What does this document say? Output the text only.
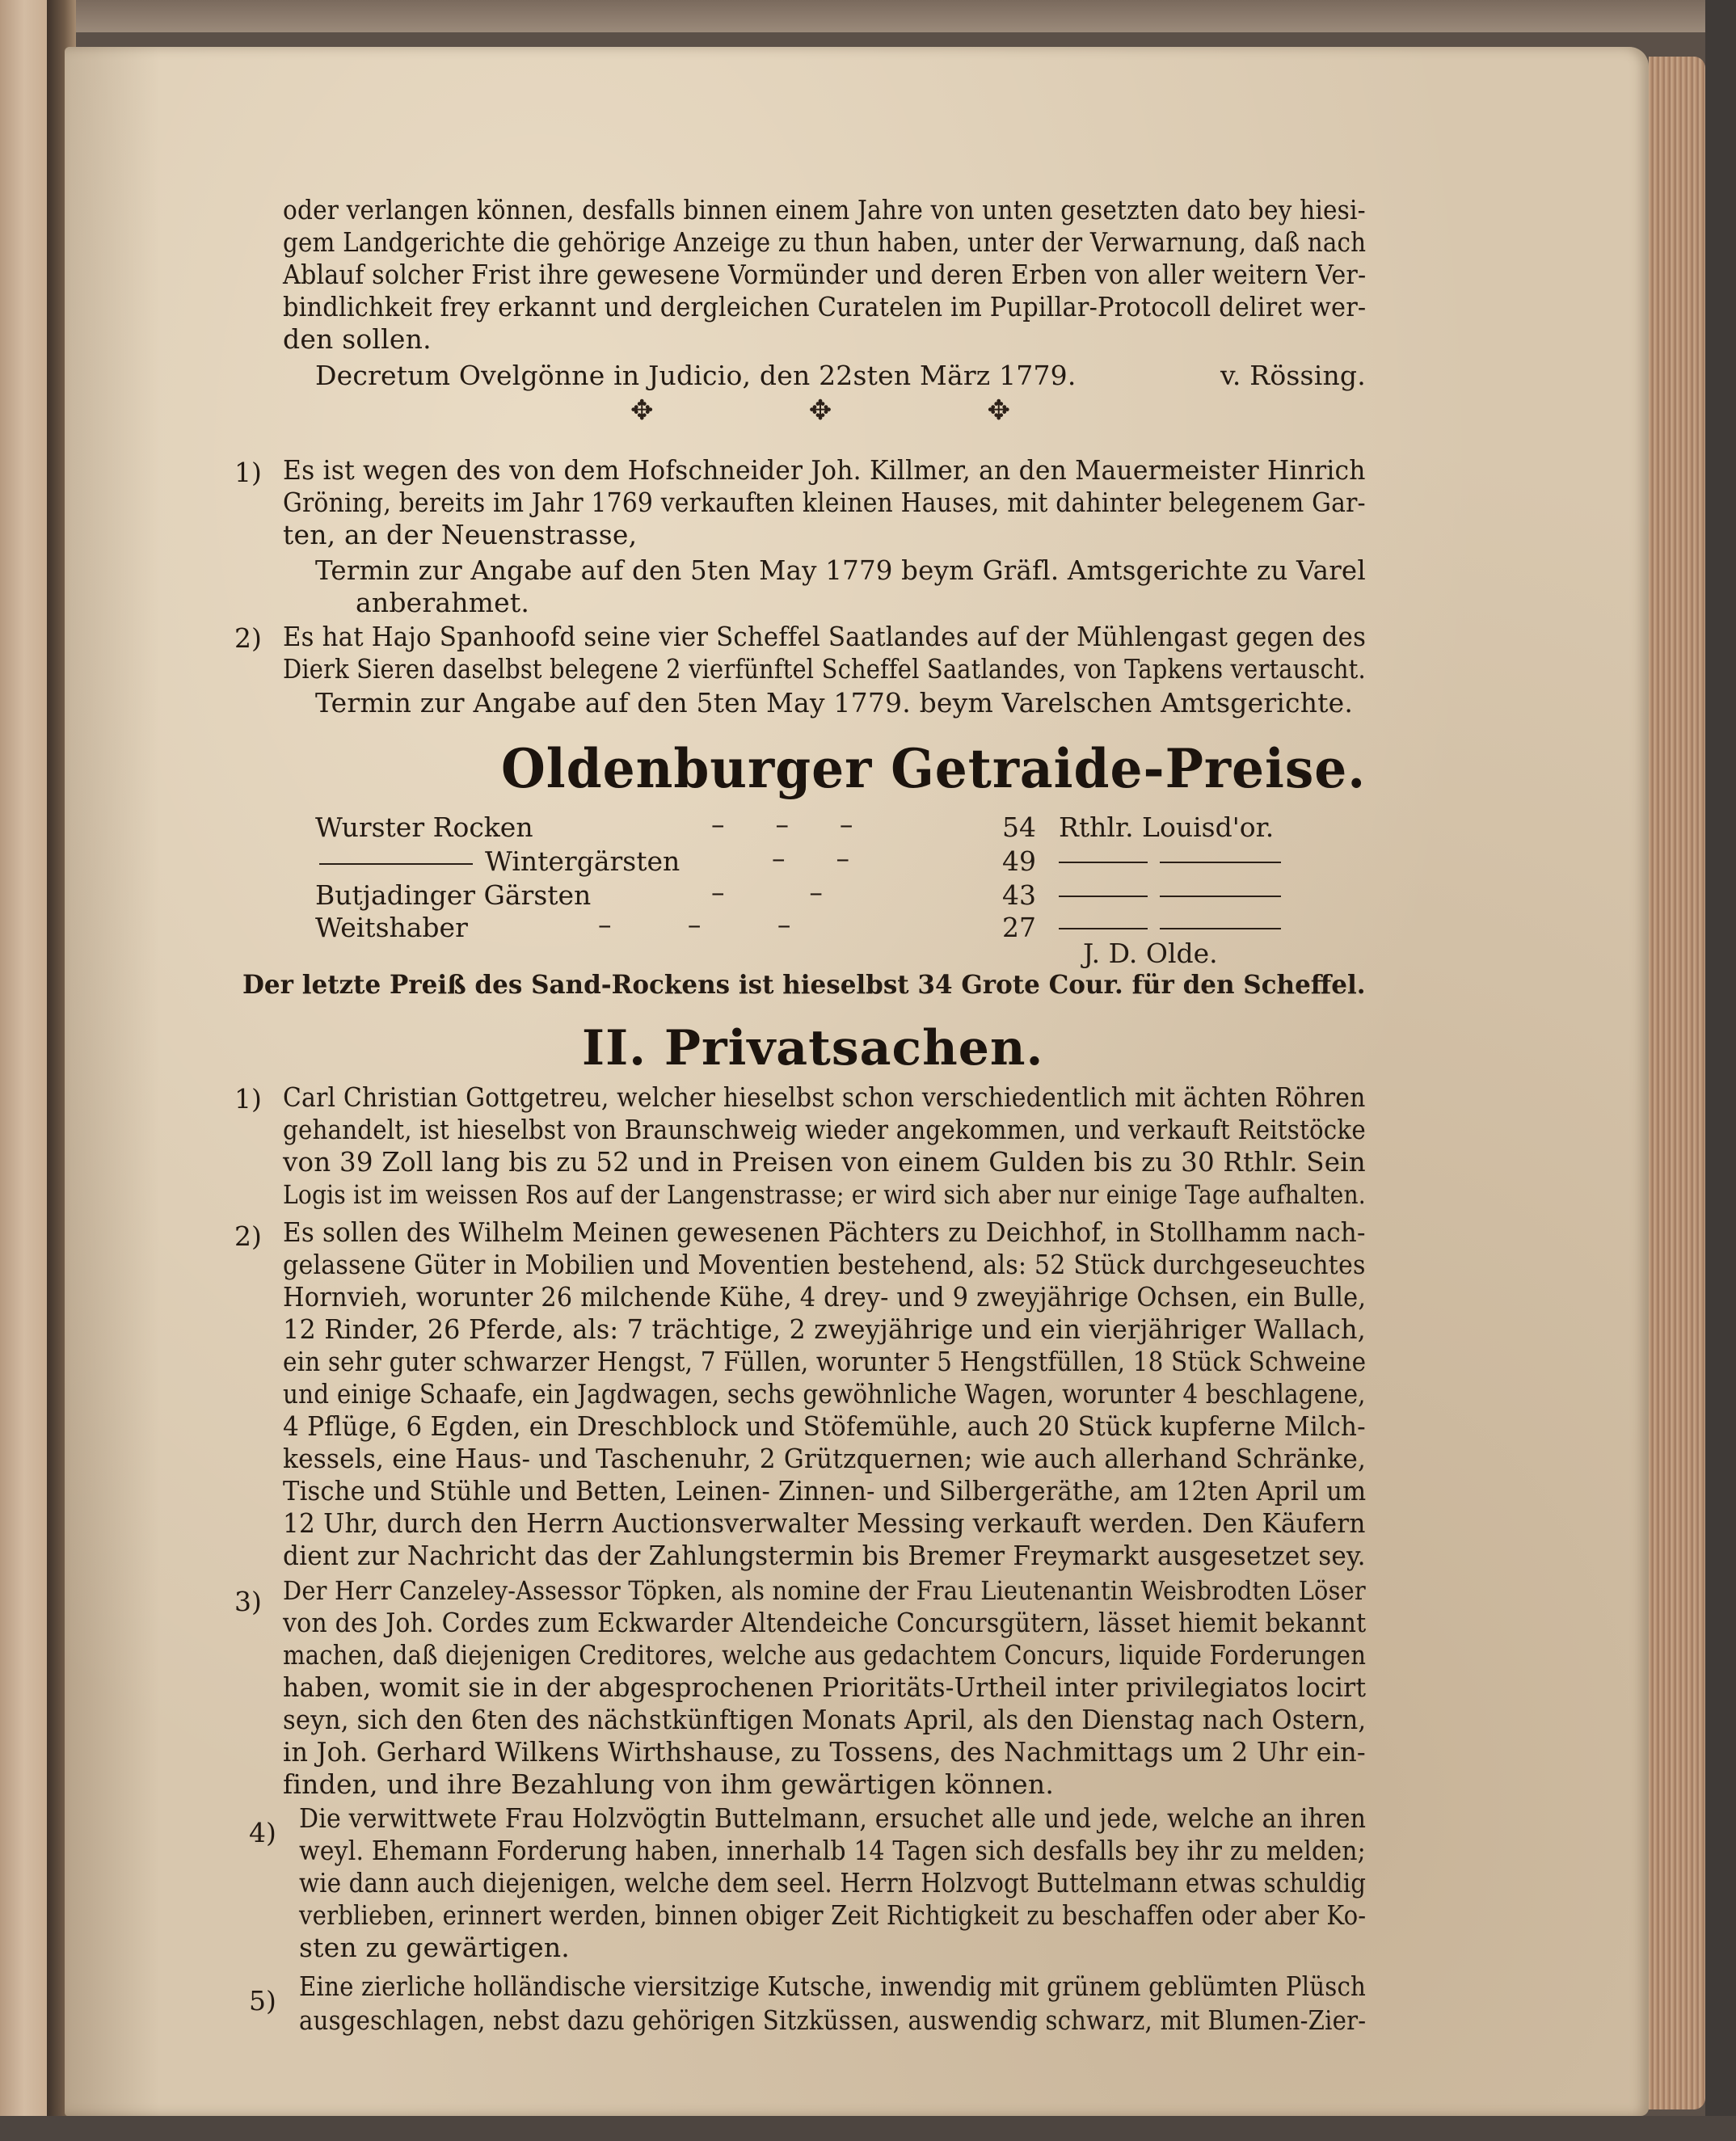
oder verlangen können, desfalls binnen einem Jahre von unten gesetzten dato bey hiesi-
gem Landgerichte die gehörige Anzeige zu thun haben, unter der Verwarnung, daß nach
Ablauf solcher Frist ihre gewesene Vormünder und deren Erben von aller weitern Ver-
bindlichkeit frey erkannt und dergleichen Curatelen im Pupillar-Protocoll deliret wer-
den sollen.
Decretum Ovelgönne in Judicio, den 22sten März 1779.	v. Rössing.
✥	✥	✥
1) Es ist wegen des von dem Hofschneider Joh. Killmer, an den Mauermeister Hinrich
Gröning, bereits im Jahr 1769 verkauften kleinen Hauses, mit dahinter belegenem Gar-
ten, an der Neuenstrasse,
Termin zur Angabe auf den 5ten May 1779 beym Gräfl. Amtsgerichte zu Varel
anberahmet.
2) Es hat Hajo Spanhoofd seine vier Scheffel Saatlandes auf der Mühlengast gegen des
Dierk Sieren daselbst belegene 2 vierfünftel Scheffel Saatlandes, von Tapkens vertauscht.
Termin zur Angabe auf den 5ten May 1779. beym Varelschen Amtsgerichte.
Oldenburger Getraide-Preise.
Wurster Rocken	–      –      –	54 Rthlr. Louisd'or.
Wintergärsten	–      –	49
Butjadinger Gärsten	–          –	43
Weitshaber	–         –         –	27
J. D. Olde.
Der letzte Preiß des Sand-Rockens ist hieselbst 34 Grote Cour. für den Scheffel.
II. Privatsachen.
1) Carl Christian Gottgetreu, welcher hieselbst schon verschiedentlich mit ächten Röhren
gehandelt, ist hieselbst von Braunschweig wieder angekommen, und verkauft Reitstöcke
von 39 Zoll lang bis zu 52 und in Preisen von einem Gulden bis zu 30 Rthlr. Sein
Logis ist im weissen Ros auf der Langenstrasse; er wird sich aber nur einige Tage aufhalten.
2) Es sollen des Wilhelm Meinen gewesenen Pächters zu Deichhof, in Stollhamm nach-
gelassene Güter in Mobilien und Moventien bestehend, als: 52 Stück durchgeseuchtes
Hornvieh, worunter 26 milchende Kühe, 4 drey- und 9 zweyjährige Ochsen, ein Bulle,
12 Rinder, 26 Pferde, als: 7 trächtige, 2 zweyjährige und ein vierjähriger Wallach,
ein sehr guter schwarzer Hengst, 7 Füllen, worunter 5 Hengstfüllen, 18 Stück Schweine
und einige Schaafe, ein Jagdwagen, sechs gewöhnliche Wagen, worunter 4 beschlagene,
4 Pflüge, 6 Egden, ein Dreschblock und Stöfemühle, auch 20 Stück kupferne Milch-
kessels, eine Haus- und Taschenuhr, 2 Grützquernen; wie auch allerhand Schränke,
Tische und Stühle und Betten, Leinen- Zinnen- und Silbergeräthe, am 12ten April um
12 Uhr, durch den Herrn Auctionsverwalter Messing verkauft werden. Den Käufern
dient zur Nachricht das der Zahlungstermin bis Bremer Freymarkt ausgesetzet sey.
3) Der Herr Canzeley-Assessor Töpken, als nomine der Frau Lieutenantin Weisbrodten Löser
von des Joh. Cordes zum Eckwarder Altendeiche Concursgütern, lässet hiemit bekannt
machen, daß diejenigen Creditores, welche aus gedachtem Concurs, liquide Forderungen
haben, womit sie in der abgesprochenen Prioritäts-Urtheil inter privilegiatos locirt
seyn, sich den 6ten des nächstkünftigen Monats April, als den Dienstag nach Ostern,
in Joh. Gerhard Wilkens Wirthshause, zu Tossens, des Nachmittags um 2 Uhr ein-
finden, und ihre Bezahlung von ihm gewärtigen können.
4) Die verwittwete Frau Holzvögtin Buttelmann, ersuchet alle und jede, welche an ihren
weyl. Ehemann Forderung haben, innerhalb 14 Tagen sich desfalls bey ihr zu melden;
wie dann auch diejenigen, welche dem seel. Herrn Holzvogt Buttelmann etwas schuldig
verblieben, erinnert werden, binnen obiger Zeit Richtigkeit zu beschaffen oder aber Ko-
sten zu gewärtigen.
5) Eine zierliche holländische viersitzige Kutsche, inwendig mit grünem geblümten Plüsch
ausgeschlagen, nebst dazu gehörigen Sitzküssen, auswendig schwarz, mit Blumen-Zier-
